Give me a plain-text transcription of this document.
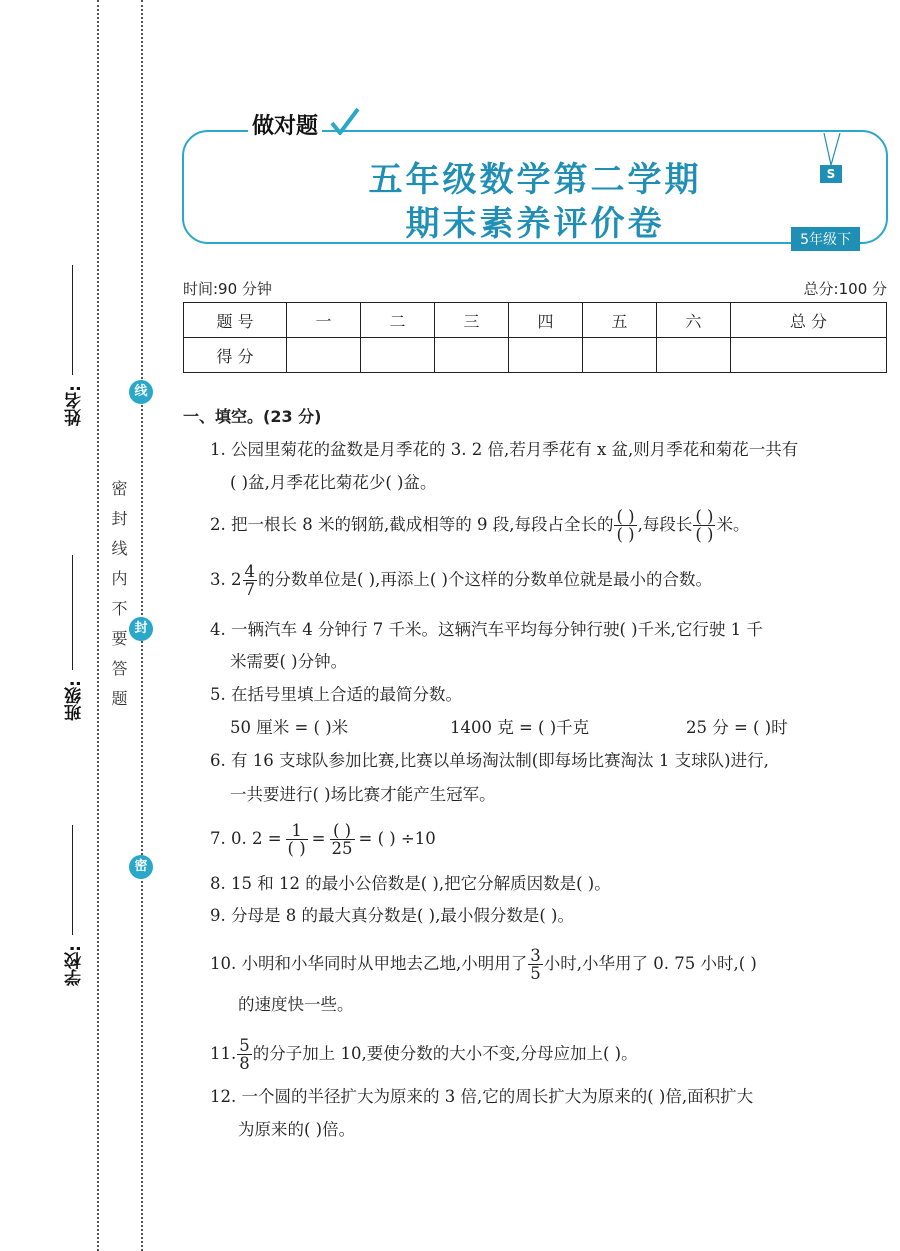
学校:
班级:
姓名:
密封线内不要答题
线
封
密
五年级数学第二学期
期末素养评价卷
做对题
S
5年级下
时间:90 分钟	总分:100 分
题 号	一	二	三	四	五	六	总 分
得 分							
一、填空。(23 分)
1. 公园里菊花的盆数是月季花的 3. 2 倍,若月季花有 x 盆,则月季花和菊花一共有
( )盆,月季花比菊花少( )盆。
2. 把一根长 8 米的钢筋,截成相等的 9 段,每段占全长的 $\frac{( )}{( )}$ ,每段长 $\frac{( )}{( )}$ 米。
3. $2 \frac{4}{7}$ 的分数单位是( ),再添上( )个这样的分数单位就是最小的合数。
4. 一辆汽车 4 分钟行 7 千米。这辆汽车平均每分钟行驶( )千米,它行驶 1 千
米需要( )分钟。
5. 在括号里填上合适的最简分数。
50 厘米 = ( )米	1400 克 = ( )千克	25 分 = ( )时
6. 有 16 支球队参加比赛,比赛以单场淘汰制(即每场比赛淘汰 1 支球队)进行,
一共要进行( )场比赛才能产生冠军。
7. 0. $2 = \frac{1}{( )} = \frac{( )}{25}$ = ( ) ÷10
8. 15 和 12 的最小公倍数是( ),把它分解质因数是( )。
9. 分母是 8 的最大真分数是( ),最小假分数是( )。
10. 小明和小华同时从甲地去乙地,小明用了 $\frac{3}{5}$ 小时,小华用了 0. 75 小时,( )
的速度快一些。
11. $\frac{5}{8}$ 的分子加上 10,要使分数的大小不变,分母应加上( )。
12. 一个圆的半径扩大为原来的 3 倍,它的周长扩大为原来的( )倍,面积扩大
为原来的( )倍。
